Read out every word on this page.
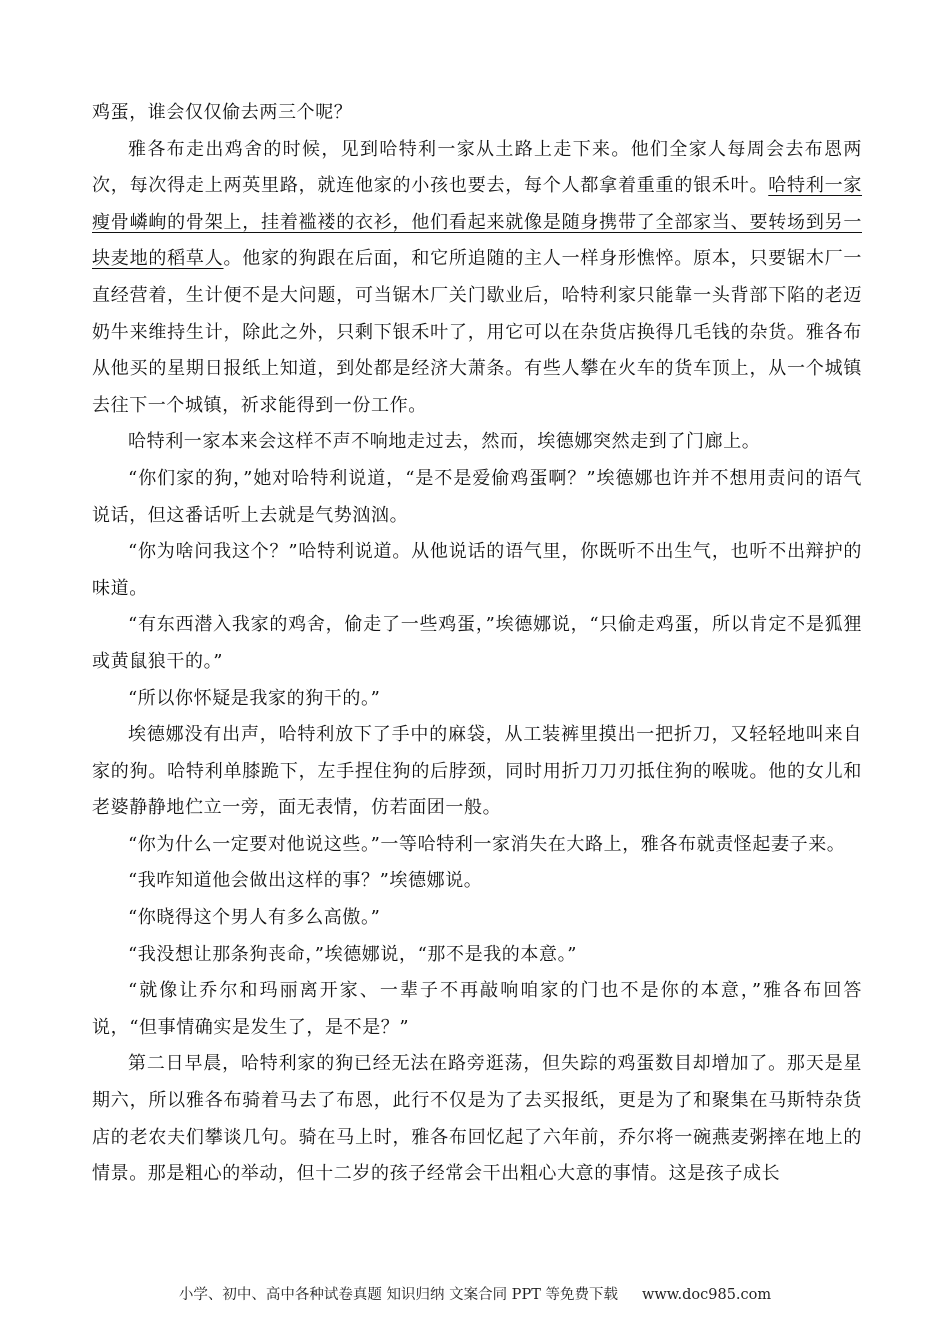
鸡蛋，谁会仅仅偷去两三个呢？

雅各布走出鸡舍的时候，见到哈特利一家从土路上走下来。他们全家人每周会去布恩两次，每次得走上两英里路，就连他家的小孩也要去，每个人都拿着重重的银禾叶。哈特利一家瘦骨嶙峋的骨架上，挂着褴褛的衣衫，他们看起来就像是随身携带了全部家当、要转场到另一块麦地的稻草人。他家的狗跟在后面，和它所追随的主人一样身形憔悴。原本，只要锯木厂一直经营着，生计便不是大问题，可当锯木厂关门歇业后，哈特利家只能靠一头背部下陷的老迈奶牛来维持生计，除此之外，只剩下银禾叶了，用它可以在杂货店换得几毛钱的杂货。雅各布从他买的星期日报纸上知道，到处都是经济大萧条。有些人攀在火车的货车顶上，从一个城镇去往下一个城镇，祈求能得到一份工作。

哈特利一家本来会这样不声不响地走过去，然而，埃德娜突然走到了门廊上。

“你们家的狗，”她对哈特利说道，“是不是爱偷鸡蛋啊？”埃德娜也许并不想用责问的语气说话，但这番话听上去就是气势汹汹。

“你为啥问我这个？”哈特利说道。从他说话的语气里，你既听不出生气，也听不出辩护的味道。

“有东西潜入我家的鸡舍，偷走了一些鸡蛋，”埃德娜说，“只偷走鸡蛋，所以肯定不是狐狸或黄鼠狼干的。”

“所以你怀疑是我家的狗干的。”

埃德娜没有出声，哈特利放下了手中的麻袋，从工装裤里摸出一把折刀，又轻轻地叫来自家的狗。哈特利单膝跪下，左手捏住狗的后脖颈，同时用折刀刀刃抵住狗的喉咙。他的女儿和老婆静静地伫立一旁，面无表情，仿若面团一般。

“你为什么一定要对他说这些。”一等哈特利一家消失在大路上，雅各布就责怪起妻子来。

“我咋知道他会做出这样的事？”埃德娜说。

“你晓得这个男人有多么高傲。”

“我没想让那条狗丧命，”埃德娜说，“那不是我的本意。”

“就像让乔尔和玛丽离开家、一辈子不再敲响咱家的门也不是你的本意，”雅各布回答说，“但事情确实是发生了，是不是？”

第二日早晨，哈特利家的狗已经无法在路旁逛荡，但失踪的鸡蛋数目却增加了。那天是星期六，所以雅各布骑着马去了布恩，此行不仅是为了去买报纸，更是为了和聚集在马斯特杂货店的老农夫们攀谈几句。骑在马上时，雅各布回忆起了六年前，乔尔将一碗燕麦粥摔在地上的情景。那是粗心的举动，但十二岁的孩子经常会干出粗心大意的事情。这是孩子成长

小学、初中、高中各种试卷真题 知识归纳 文案合同 PPT 等免费下载 www.doc985.com
